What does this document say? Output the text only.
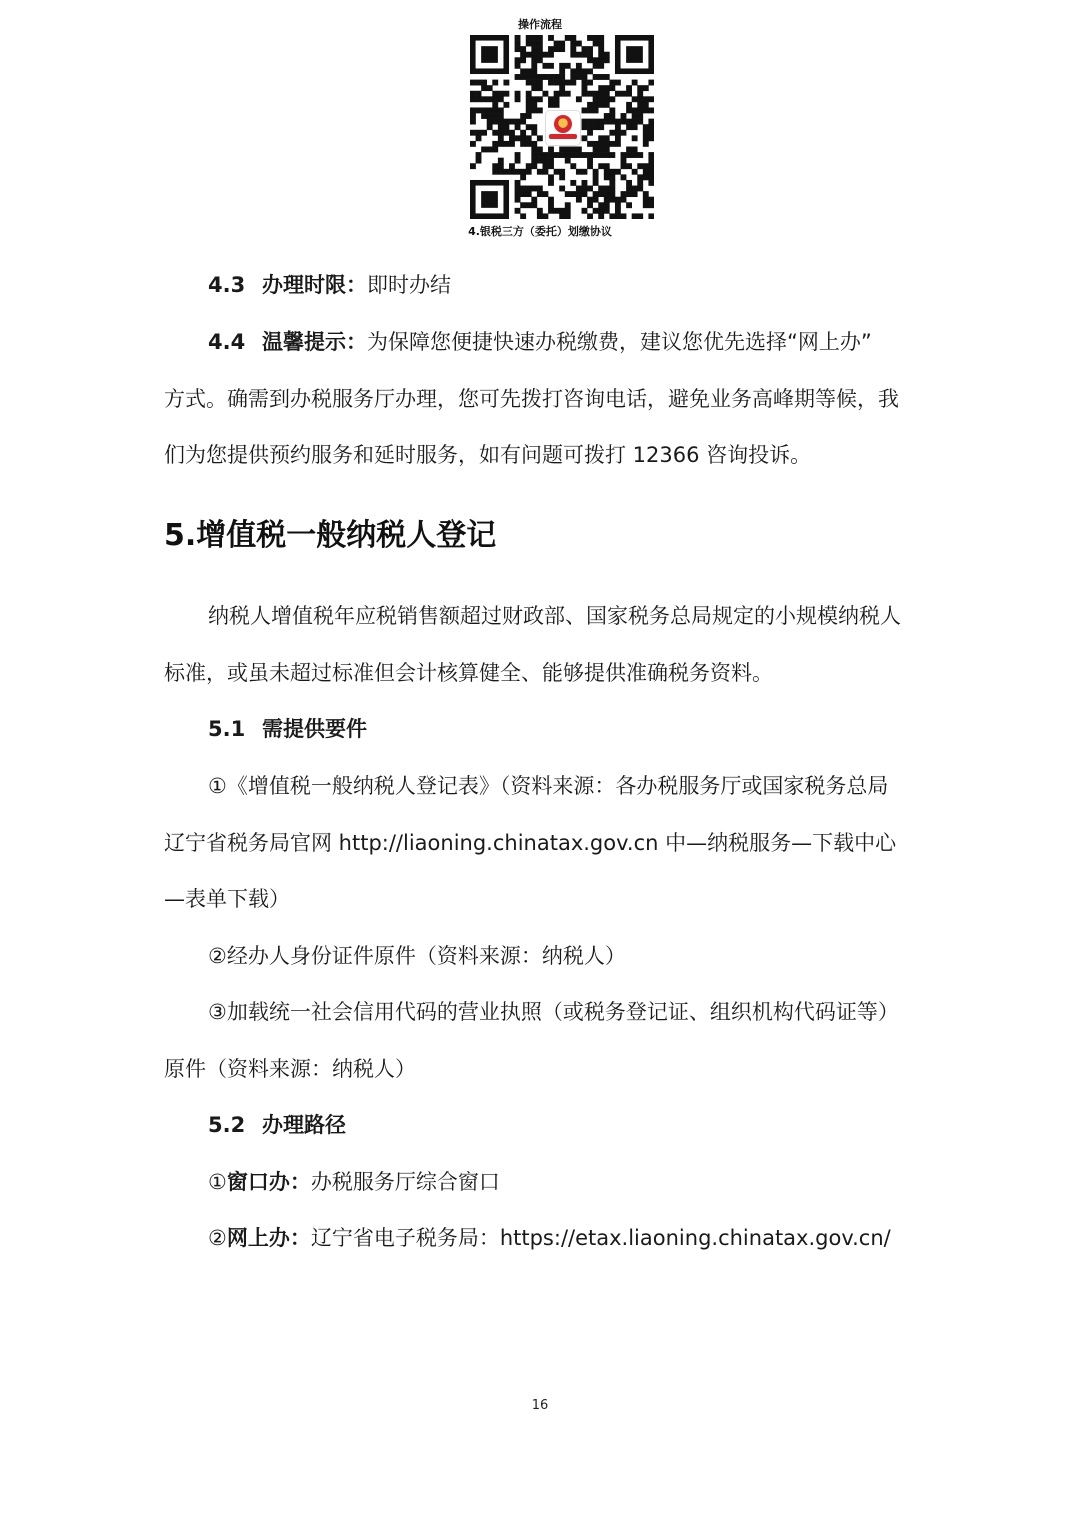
操作流程
4.银税三方（委托）划缴协议
4.3 办理时限：即时办结
4.4 温馨提示：为保障您便捷快速办税缴费，建议您优先选择“网上办”
方式。确需到办税服务厅办理，您可先拨打咨询电话，避免业务高峰期等候，我
们为您提供预约服务和延时服务，如有问题可拨打 12366 咨询投诉。
5.增值税一般纳税人登记
纳税人增值税年应税销售额超过财政部、国家税务总局规定的小规模纳税人
标准，或虽未超过标准但会计核算健全、能够提供准确税务资料。
5.1 需提供要件
①《增值税一般纳税人登记表》（资料来源：各办税服务厅或国家税务总局
辽宁省税务局官网 http://liaoning.chinatax.gov.cn 中—纳税服务—下载中心
—表单下载）
②经办人身份证件原件（资料来源：纳税人）
③加载统一社会信用代码的营业执照（或税务登记证、组织机构代码证等）
原件（资料来源：纳税人）
5.2 办理路径
①窗口办：办税服务厅综合窗口
②网上办：辽宁省电子税务局：https://etax.liaoning.chinatax.gov.cn/
16
